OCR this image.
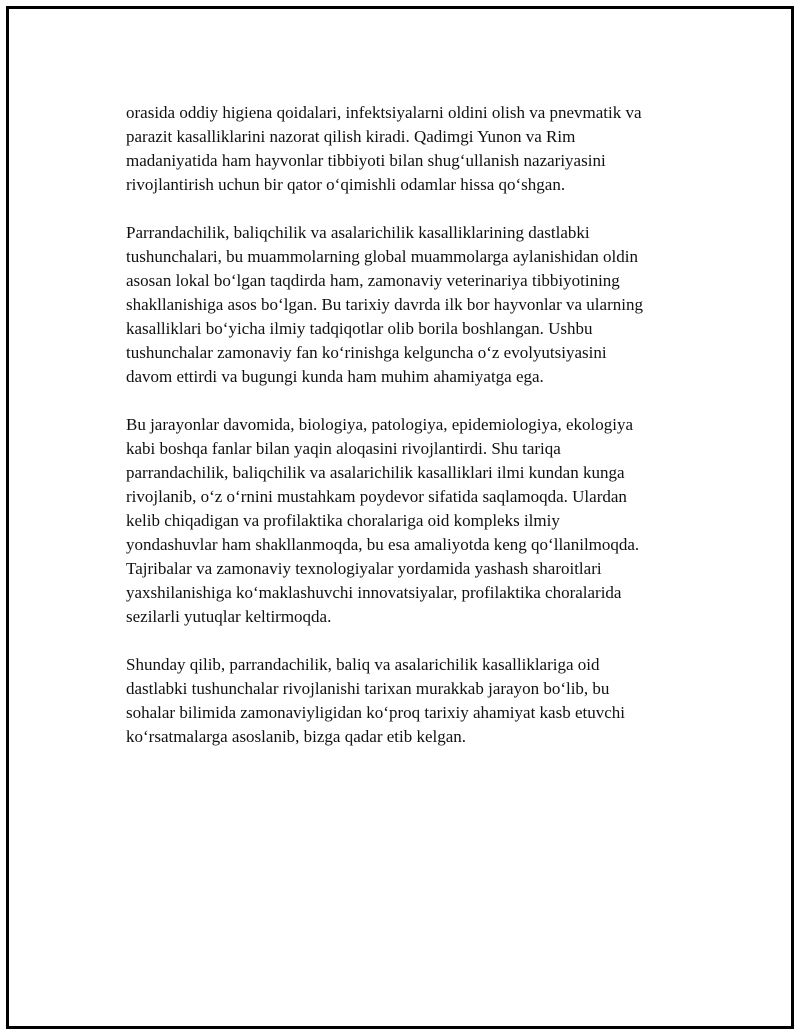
orasida oddiy higiena qoidalari, infektsiyalarni oldini olish va pnevmatik va
parazit kasalliklarini nazorat qilish kiradi. Qadimgi Yunon va Rim
madaniyatida ham hayvonlar tibbiyoti bilan shug‘ullanish nazariyasini
rivojlantirish uchun bir qator o‘qimishli odamlar hissa qo‘shgan.

Parrandachilik, baliqchilik va asalarichilik kasalliklarining dastlabki
tushunchalari, bu muammolarning global muammolarga aylanishidan oldin
asosan lokal bo‘lgan taqdirda ham, zamonaviy veterinariya tibbiyotining
shakllanishiga asos bo‘lgan. Bu tarixiy davrda ilk bor hayvonlar va ularning
kasalliklari bo‘yicha ilmiy tadqiqotlar olib borila boshlangan. Ushbu
tushunchalar zamonaviy fan ko‘rinishga kelguncha o‘z evolyutsiyasini
davom ettirdi va bugungi kunda ham muhim ahamiyatga ega.

Bu jarayonlar davomida, biologiya, patologiya, epidemiologiya, ekologiya
kabi boshqa fanlar bilan yaqin aloqasini rivojlantirdi. Shu tariqa
parrandachilik, baliqchilik va asalarichilik kasalliklari ilmi kundan kunga
rivojlanib, o‘z o‘rnini mustahkam poydevor sifatida saqlamoqda. Ulardan
kelib chiqadigan va profilaktika choralariga oid kompleks ilmiy
yondashuvlar ham shakllanmoqda, bu esa amaliyotda keng qo‘llanilmoqda.
Tajribalar va zamonaviy texnologiyalar yordamida yashash sharoitlari
yaxshilanishiga ko‘maklashuvchi innovatsiyalar, profilaktika choralarida
sezilarli yutuqlar keltirmoqda.

Shunday qilib, parrandachilik, baliq va asalarichilik kasalliklariga oid
dastlabki tushunchalar rivojlanishi tarixan murakkab jarayon bo‘lib, bu
sohalar bilimida zamonaviyligidan ko‘proq tarixiy ahamiyat kasb etuvchi
ko‘rsatmalarga asoslanib, bizga qadar etib kelgan.
